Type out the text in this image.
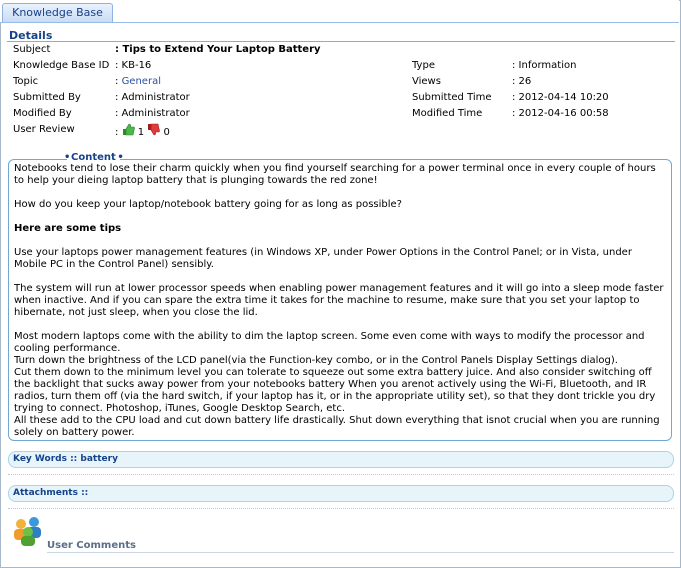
Knowledge Base
Details
Subject	: Tips to Extend Your Laptop Battery
Knowledge Base ID : KB-16
Topic	: General
Submitted By	: Administrator
Modified By	: Administrator
User Review	:  1 0
Type	: Information
Views	: 26
Submitted Time : 2012-04-14 10:20
Modified Time	: 2012-04-16 00:58
• Content •

Notebooks tend to lose their charm quickly when you find yourself searching for a power terminal once in every couple of hours to help your dieing laptop battery that is plunging towards the red zone!

How do you keep your laptop/notebook battery going for as long as possible?

Here are some tips

Use your laptops power management features (in Windows XP, under Power Options in the Control Panel; or in Vista, under Mobile PC in the Control Panel) sensibly.

The system will run at lower processor speeds when enabling power management features and it will go into a sleep mode faster when inactive. And if you can spare the extra time it takes for the machine to resume, make sure that you set your laptop to hibernate, not just sleep, when you close the lid.

Most modern laptops come with the ability to dim the laptop screen. Some even come with ways to modify the processor and cooling performance.

Turn down the brightness of the LCD panel(via the Function-key combo, or in the Control Panels Display Settings dialog).

Cut them down to the minimum level you can tolerate to squeeze out some extra battery juice. And also consider switching off the backlight that sucks away power from your notebooks battery When you arenot actively using the Wi-Fi, Bluetooth, and IR radios, turn them off (via the hard switch, if your laptop has it, or in the appropriate utility set), so that they dont trickle you dry trying to connect. Photoshop, iTunes, Google Desktop Search, etc.

All these add to the CPU load and cut down battery life drastically. Shut down everything that isnot crucial when you are running solely on battery power.

Key Words :: battery
Attachments ::
User Comments
